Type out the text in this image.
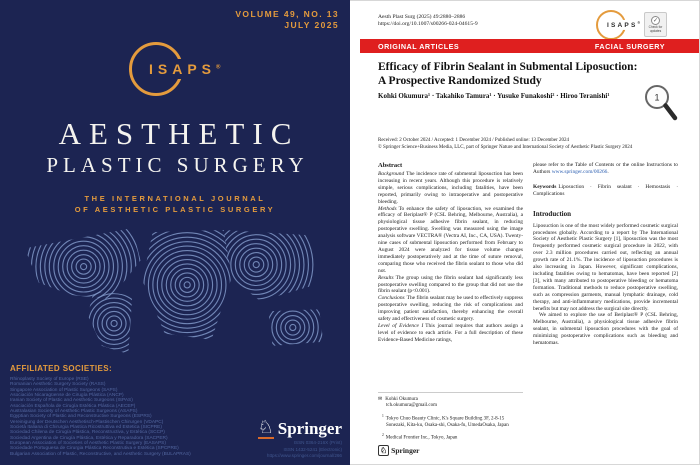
VOLUME 49, NO. 13
JULY 2025
ISAPS®
AESTHETIC
PLASTIC SURGERY
THE INTERNATIONAL JOURNAL
OF AESTHETIC PLASTIC SURGERY
AFFILIATED SOCIETIES:
Rhinoplasty Society of Europe (RSE)
Romanian Aesthetic Surgery Society (RASS)
Singapore Association of Plastic Surgeons (SAPS)
Asociación Nicaragüense de Cirugía Plástica (ANCP)
Iranian Society of Plastic and Aesthetic Surgeons (ISPAS)
Asociación Española de Cirugía Estética Plástica (AECEP)
Australasian Society of Aesthetic Plastic Surgeons (ASAPS)
Egyptian Society of Plastic and Reconstructive Surgeons (ESPRS)
Vereinigung der Deutschen Aesthetisch-Plastischen Chirurgen (VDAPC)
Società Italiana di Chirurgia Plastica Ricostruttiva ed Estetica (SICPRE)
Sociedad Chilena de Cirugía Plástica, Reconstructiva, y Estética (SCCP)
Sociedad Argentina de Cirugía Plástica, Estética y Reparadora (SACPER)
European Association of Societies of Aesthetic Plastic Surgery (EASAPS)
Sociedade Portuguesa de Cirurgia Plástica Reconstrutiva e Estética (SPCPRE)
Bulgarian Association of Plastic, Reconstructive, and Aesthetic Surgery (BULAPRAS)
♘ Springer
ISSN 0364-216X (Print)
ISSN 1432-5241 (Electronic)
https://www.springer.com/journal/266
Aesth Plast Surg (2025) 49:2880–2886
https://doi.org/10.1007/s00266-024-04615-9	ISAPS®	✓
Check for updates
ORIGINAL ARTICLES	FACIAL SURGERY
Efficacy of Fibrin Sealant in Submental Liposuction:
A Prospective Randomized Study
Kohki Okumura¹ · Takahiko Tamura¹ · Yusuke Funakoshi² · Hiroo Teranishi¹	1
Received: 2 October 2024 / Accepted: 1 December 2024 / Published online: 13 December 2024
© Springer Science+Business Media, LLC, part of Springer Nature and International Society of Aesthetic Plastic Surgery 2024
Abstract

Background The incidence rate of submental liposuction has been increasing in recent years. Although this procedure is relatively simple, serious complications, including fatalities, have been reported, primarily owing to intraoperative and postoperative bleeding.

Methods To enhance the safety of liposuction, we examined the efficacy of Beriplast® P (CSL Behring, Melbourne, Australia), a physiological tissue adhesive fibrin sealant, in reducing postoperative swelling. Swelling was measured using the image analysis software VECTRA® (Vectra AI, Inc., CA, USA). Twenty-nine cases of submental liposuction performed from February to August 2024 were analyzed for tissue volume changes immediately postoperatively and at the time of suture removal, comparing those who received the fibrin sealant to those who did not.

Results The group using the fibrin sealant had significantly less postoperative swelling compared to the group that did not use the fibrin sealant (p<0.001).

Conclusions The fibrin sealant may be used to effectively suppress postoperative swelling, reducing the risk of complications and improving patient satisfaction, thereby enhancing the overall safety and effectiveness of cosmetic surgery.

Level of Evidence I This journal requires that authors assign a level of evidence to each article. For a full description of these Evidence-Based Medicine ratings,

✉ Kohki Okumura
tch.okumura@gmail.com
$^1$Tokyo Chuo Beauty Clinic, K's Square Building 3F, 2-8-15 Sonezaki, Kita-ku, Osaka-shi, Osaka-fu, UmedaOsaka, Japan
$^2$Medical Frontier Inc., Tokyo, Japan

please refer to the Table of Contents or the online Instructions to Authors www.springer.com/00266.

Keywords Liposuction · Fibrin sealant · Hemostasis · Complications

Introduction

Liposuction is one of the most widely performed cosmetic surgical procedures globally. According to a report by The International Society of Aesthetic Plastic Surgery [1], liposuction was the most frequently performed cosmetic surgical procedure in 2022, with over 2.3 million procedures carried out, reflecting an annual growth rate of 21.1%. The incidence of liposuction procedures is also increasing in Japan. However, significant complications, including fatalities owing to hematomas, have been reported [2] [3], with many attributed to postoperative bleeding or hematoma formation. Traditional methods to reduce postoperative swelling, such as compression garments, manual lymphatic drainage, cold therapy, and anti-inflammatory medications, provide incremental benefits but may not address the surgical site directly.

We aimed to explore the use of Beriplast® P (CSL Behring, Melbourne, Australia), a physiological tissue adhesive fibrin sealant, in submental liposuction procedures with the goal of minimizing postoperative complications such as bleeding and hematomas.

♘ Springer
